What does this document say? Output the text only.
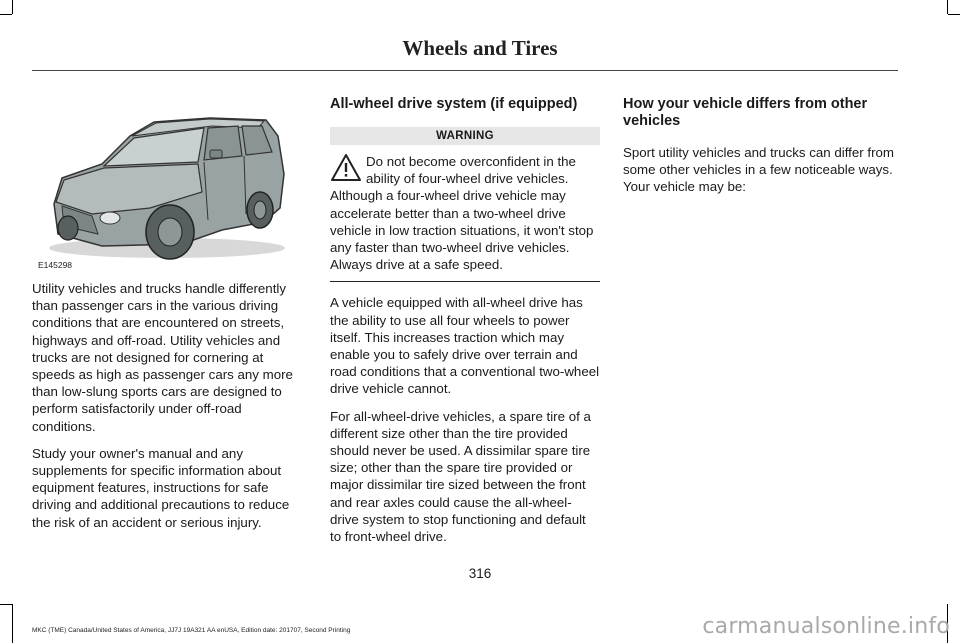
Wheels and Tires
E145298

Utility vehicles and trucks handle differently than passenger cars in the various driving conditions that are encountered on streets, highways and off-road. Utility vehicles and trucks are not designed for cornering at speeds as high as passenger cars any more than low-slung sports cars are designed to perform satisfactorily under off-road conditions.

Study your owner's manual and any supplements for specific information about equipment features, instructions for safe driving and additional precautions to reduce the risk of an accident or serious injury.

All-wheel drive system (if equipped)
WARNING

Do not become overconfident in the ability of four-wheel drive vehicles. Although a four-wheel drive vehicle may accelerate better than a two-wheel drive vehicle in low traction situations, it won't stop any faster than two-wheel drive vehicles. Always drive at a safe speed.

A vehicle equipped with all-wheel drive has the ability to use all four wheels to power itself. This increases traction which may enable you to safely drive over terrain and road conditions that a conventional two-wheel drive vehicle cannot.

For all-wheel-drive vehicles, a spare tire of a different size other than the tire provided should never be used. A dissimilar spare tire size; other than the spare tire provided or major dissimilar tire sized between the front and rear axles could cause the all-wheel-drive system to stop functioning and default to front-wheel drive.

How your vehicle differs from other vehicles

Sport utility vehicles and trucks can differ from some other vehicles in a few noticeable ways. Your vehicle may be:

316
MKC (TME) Canada/United States of America, JJ7J 19A321 AA enUSA, Edition date: 201707, Second Printing	carmanualsonline.info
